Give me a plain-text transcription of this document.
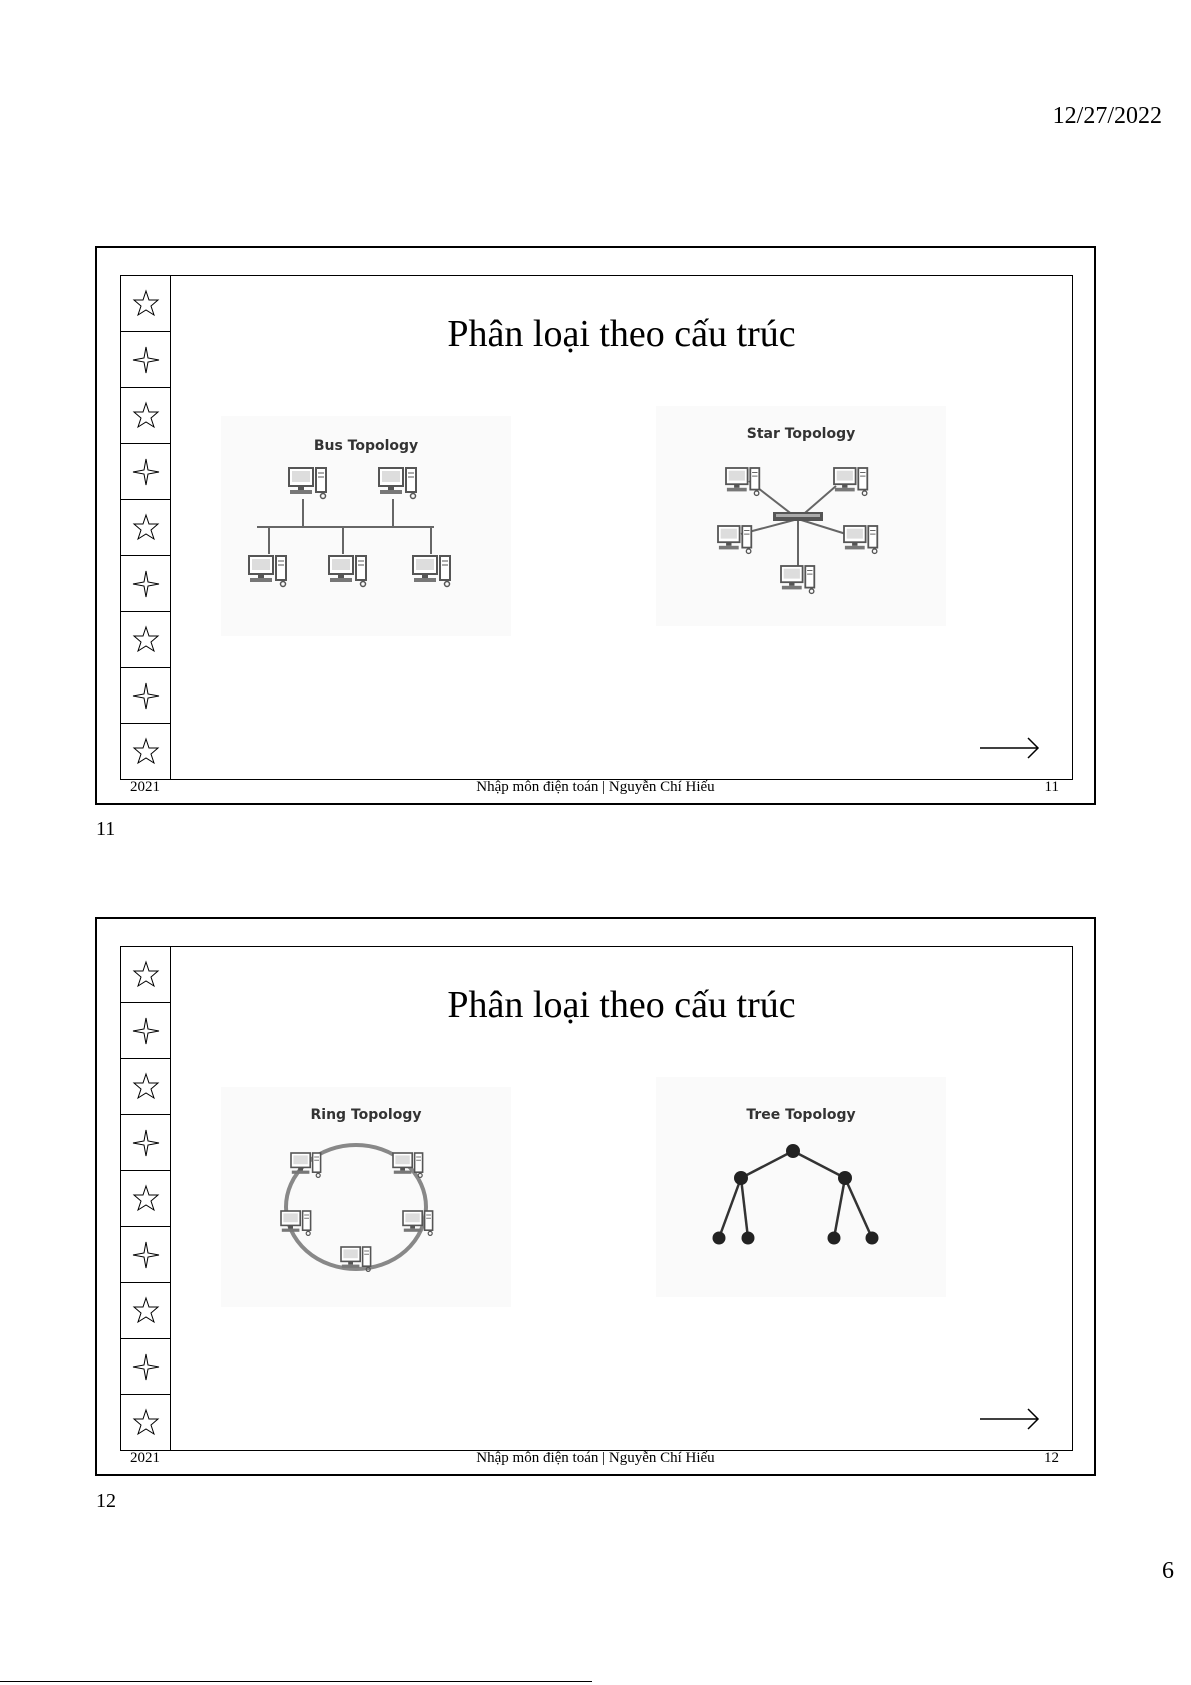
12/27/2022
Phân loại theo cấu trúc
Bus Topology
Star Topology
2021	Nhập môn điện toán | Nguyễn Chí Hiếu	11
11
Phân loại theo cấu trúc
Ring Topology	Tree Topology
2021	Nhập môn điện toán | Nguyễn Chí Hiếu	12
12
6
